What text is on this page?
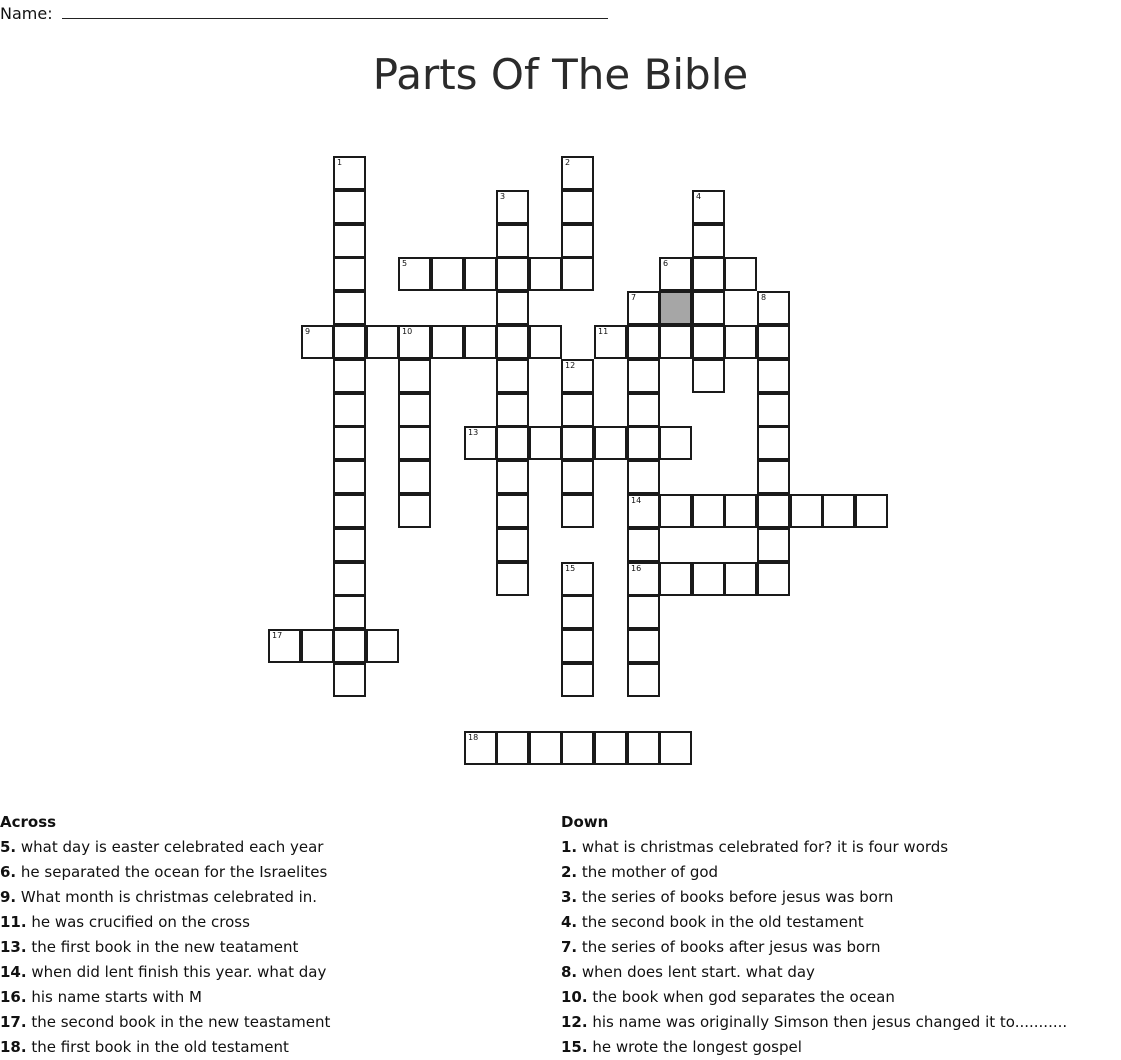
Name:
Parts Of The Bible
1	2
3	4
5	6
7
14
16
8
9	10	11
12
13
15
17
18
Across
5. what day is easter celebrated each year
6. he separated the ocean for the Israelites
9. What month is christmas celebrated in.
11. he was crucified on the cross
13. the first book in the new teatament
14. when did lent finish this year. what day
16. his name starts with M
17. the second book in the new teastament
18. the first book in the old testament
Down
1. what is christmas celebrated for? it is four words
2. the mother of god
3. the series of books before jesus was born
4. the second book in the old testament
7. the series of books after jesus was born
8. when does lent start. what day
10. the book when god separates the ocean
12. his name was originally Simson then jesus changed it to...........
15. he wrote the longest gospel
